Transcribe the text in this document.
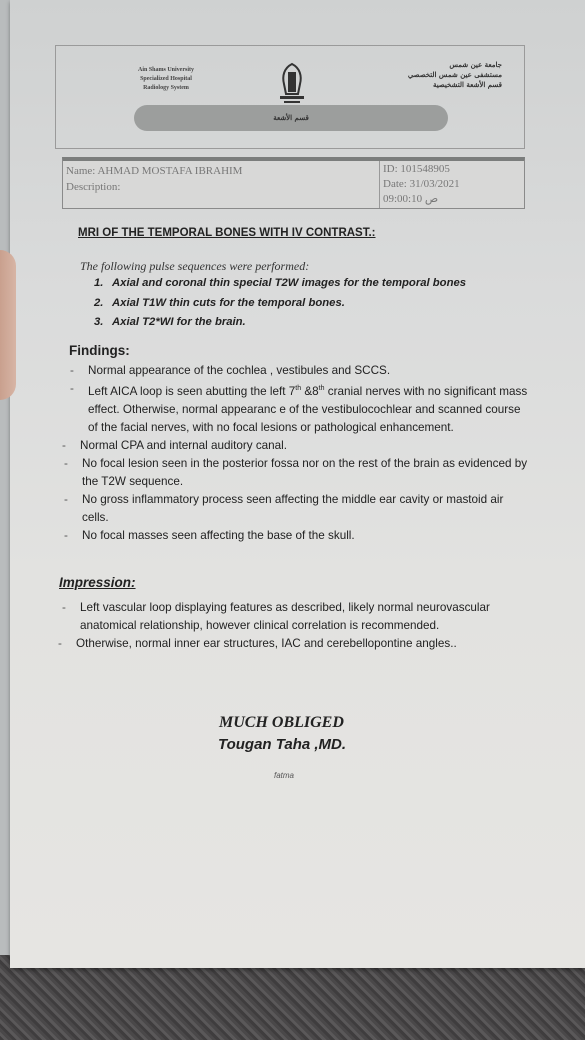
Ain Shams University
Specialized Hospital
Radiology System
جامعة عين شمس
مستشفى عين شمس التخصصي
قسم الأشعة التشخيصية
قسم الأشعة
Name: AHMAD MOSTAFA IBRAHIM
Description:
ID: 101548905
Date: 31/03/2021
09:00:10 ص
MRI OF THE TEMPORAL BONES WITH IV CONTRAST.:
The following pulse sequences were performed:
1. Axial and coronal thin special T2W images for the temporal bones
2. Axial T1W thin cuts for the temporal bones.
3. Axial T2*WI for the brain.
Findings:
- Normal appearance of the cochlea , vestibules and SCCS.
- Left AICA loop is seen abutting the left 7th &8th cranial nerves with no significant mass effect. Otherwise, normal appearanc e of the vestibulocochlear and scanned course of the facial nerves, with no focal lesions or pathological enhancement.
- Normal CPA and internal auditory canal.
- No focal lesion seen in the posterior fossa nor on the rest of the brain as evidenced by the T2W sequence.
- No gross inflammatory process seen affecting the middle ear cavity or mastoid air cells.
- No focal masses seen affecting the base of the skull.
Impression:
- Left vascular loop displaying features as described, likely normal neurovascular anatomical relationship, however clinical correlation is recommended.
- Otherwise, normal inner ear structures, IAC and cerebellopontine angles..
MUCH OBLIGED
Tougan Taha ,MD.
fatma
